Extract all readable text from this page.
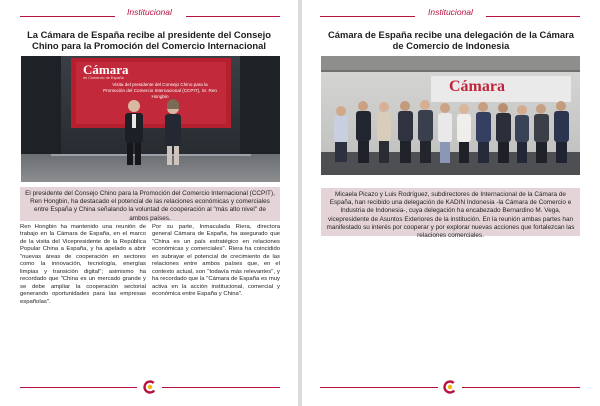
Institucional
La Cámara de España recibe al presidente del Consejo Chino para la Promoción del Comercio Internacional
Cámara
de Comercio de España
Visita del presidente del Consejo Chino para la Promoción del Comercio Internacional (CCPIT), Sr. Ren Hongbin
El presidente del Consejo Chino para la Promoción del Comercio Internacional (CCPIT), Ren Hongbin, ha destacado el potencial de las relaciones económicas y comerciales entre España y China señalando la voluntad de cooperación al "más alto nivel" de ambos países.
Ren Hongbin ha mantenido una reunión de trabajo en la Cámara de España, en el marco de la visita del Vicepresidente de la República Popular China a España, y ha apelado a abrir "nuevas áreas de cooperación en sectores como la innovación, tecnología, energías limpias y transición digital"; asimismo ha recordado que "China es un mercado grande y se debe ampliar la cooperación sectorial generando oportunidades para las empresas españolas".
Por su parte, Inmaculada Riera, directora general Cámara de España, ha asegurado que "China es un país estratégico en relaciones económicas y comerciales". Riera ha coincidido en subrayar el potencial de crecimiento de las relaciones entre ambos países que, en el contexto actual, son "todavía más relevantes", y ha recordado que la "Cámara de España es muy activa en la acción institucional, comercial y económica entre España y China".
Institucional
Cámara de España recibe una delegación de la Cámara de Comercio de Indonesia
Cámara
Micaela Picazo y Luis Rodríguez, subdirectores de Internacional de la Cámara de España, han recibido una delegación de KADIN Indonesia -la Cámara de Comercio e Industria de Indonesia-, cuya delegación ha encabezado Bernardino M. Vega, vicepresidente de Asuntos Exteriores de la institución. En la reunión ambas partes han manifestado su interés por cooperar y por explorar nuevas acciones que fortalezcan las relaciones comerciales.
